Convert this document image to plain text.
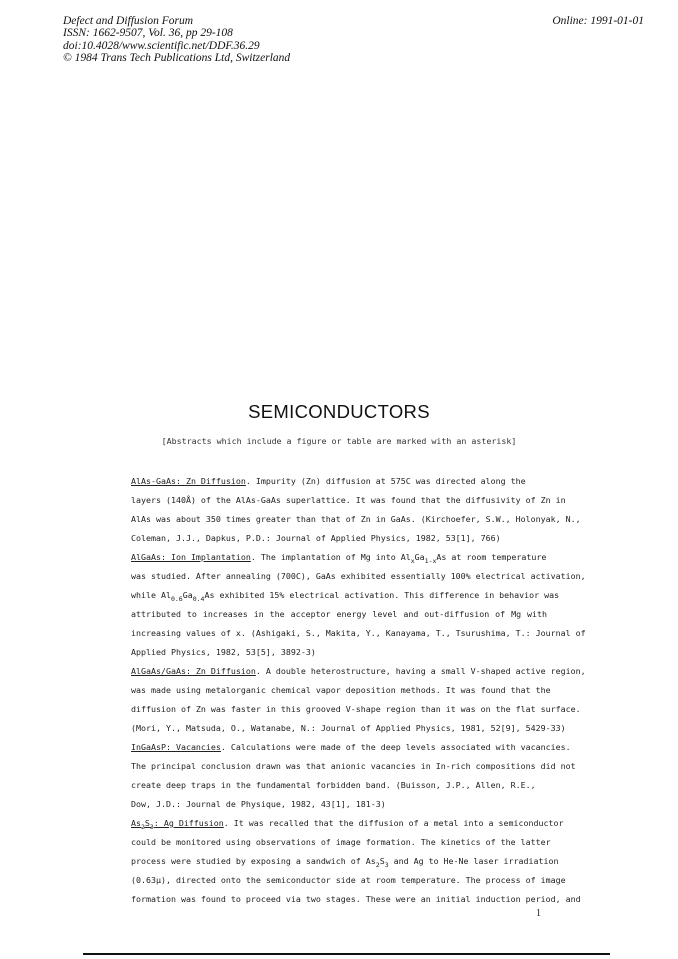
Defect and Diffusion Forum
ISSN: 1662-9507, Vol. 36, pp 29-108
doi:10.4028/www.scientific.net/DDF.36.29
© 1984 Trans Tech Publications Ltd, Switzerland
Online: 1991-01-01
SEMICONDUCTORS
[Abstracts which include a figure or table are marked with an asterisk]
AlAs-GaAs: Zn Diffusion. Impurity (Zn) diffusion at 575C was directed along the
layers (140Å) of the AlAs-GaAs superlattice. It was found that the diffusivity of Zn in
AlAs was about 350 times greater than that of Zn in GaAs. (Kirchoefer, S.W., Holonyak, N.,
Coleman, J.J., Dapkus, P.D.: Journal of Applied Physics, 1982, 53[1], 766)
AlGaAs: Ion Implantation. The implantation of Mg into $Al_xGa_{1-x}As$ at room temperature
was studied. After annealing (700C), GaAs exhibited essentially 100% electrical activation,
while $Al_{0.6}Ga_{0.4}As$ exhibited 15% electrical activation. This difference in behavior was
attributed to increases in the acceptor energy level and out-diffusion of Mg with
increasing values of x. (Ashigaki, S., Makita, Y., Kanayama, T., Tsurushima, T.: Journal of
Applied Physics, 1982, 53[5], 3892-3)
AlGaAs/GaAs: Zn Diffusion. A double heterostructure, having a small V-shaped active region,
was made using metalorganic chemical vapor deposition methods. It was found that the
diffusion of Zn was faster in this grooved V-shape region than it was on the flat surface.
(Mori, Y., Matsuda, O., Watanabe, N.: Journal of Applied Physics, 1981, 52[9], 5429-33)
InGaAsP: Vacancies. Calculations were made of the deep levels associated with vacancies.
The principal conclusion drawn was that anionic vacancies in In-rich compositions did not
create deep traps in the fundamental forbidden band. (Buisson, J.P., Allen, R.E.,
Dow, J.D.: Journal de Physique, 1982, 43[1], 181-3)
$As_2S_3$: Ag Diffusion. It was recalled that the diffusion of a metal into a semiconductor
could be monitored using observations of image formation. The kinetics of the latter
process were studied by exposing a sandwich of $As_2S_3$ and Ag to He-Ne laser irradiation
(0.63μ), directed onto the semiconductor side at room temperature. The process of image
formation was found to proceed via two stages. These were an initial induction period, and
1
